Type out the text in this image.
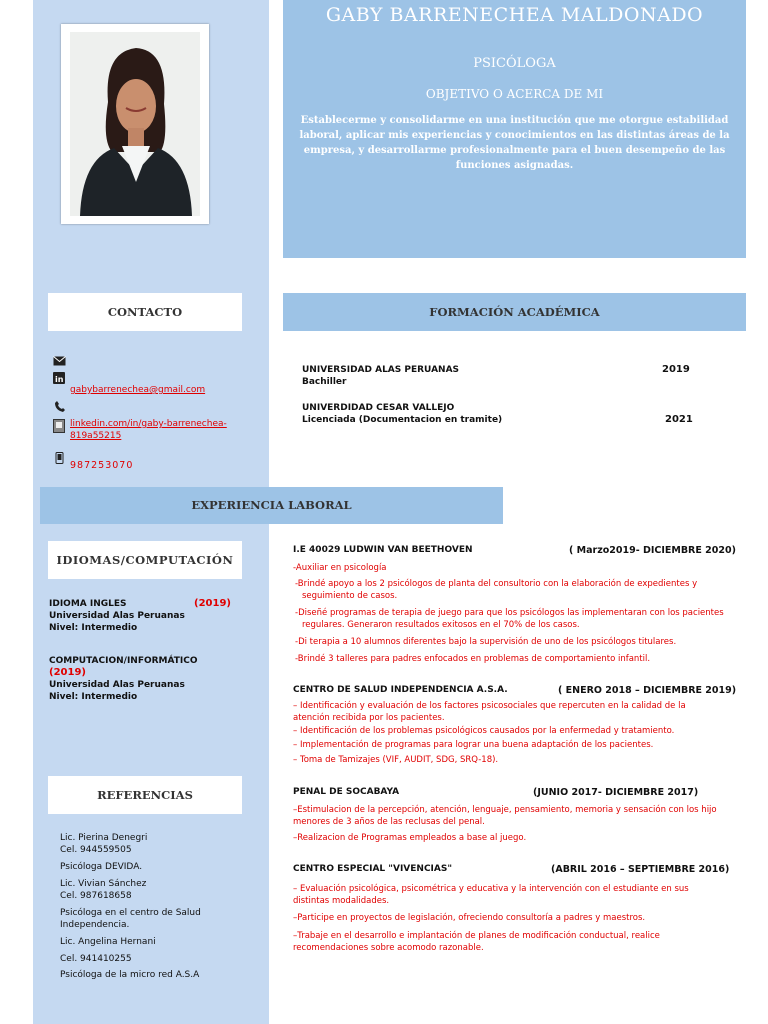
GABY BARRENECHEA MALDONADO
PSICÓLOGA
OBJETIVO O ACERCA DE MI
Establecerme y consolidarme en una institución que me otorgue estabilidad laboral, aplicar mis experiencias y conocimientos en las distintas áreas de la empresa, y desarrollarme profesionalmente para el buen desempeño de las funciones asignadas.
CONTACTO
in
gabybarrenechea@gmail.com
linkedin.com/in/gaby-barrenechea-
819a55215
987253070
FORMACIÓN ACADÉMICA
UNIVERSIDAD ALAS PERUANAS
Bachiller
2019
UNIVERDIDAD CESAR VALLEJO
Licenciada (Documentacion en tramite)	2021
EXPERIENCIA LABORAL
IDIOMAS/COMPUTACIÓN
IDIOMA INGLES	(2019)
Universidad Alas Peruanas
Nivel: Intermedio
COMPUTACION/INFORMÁTICO
(2019)
Universidad Alas Peruanas
Nivel: Intermedio
REFERENCIAS
Lic. Pierina Denegri
Cel. 944559505
Psicóloga DEVIDA.
Lic. Vivian Sánchez
Cel. 987618658
Psicóloga en el centro de Salud
Independencia.
Lic. Angelina Hernani
Cel. 941410255
Psicóloga de la micro red A.S.A
I.E 40029 LUDWIN VAN BEETHOVEN	( Marzo2019- DICIEMBRE 2020)
-Auxiliar en psicología
-Brindé apoyo a los 2 psicólogos de planta del consultorio con la elaboración de expedientes y
seguimiento de casos.
-Diseñé programas de terapia de juego para que los psicólogos las implementaran con los pacientes
regulares. Generaron resultados exitosos en el 70% de los casos.
-Di terapia a 10 alumnos diferentes bajo la supervisión de uno de los psicólogos titulares.
-Brindé 3 talleres para padres enfocados en problemas de comportamiento infantil.
CENTRO DE SALUD INDEPENDENCIA A.S.A.	( ENERO 2018 – DICIEMBRE 2019)
– Identificación y evaluación de los factores psicosociales que repercuten en la calidad de la
atención recibida por los pacientes.
– Identificación de los problemas psicológicos causados por la enfermedad y tratamiento.
– Implementación de programas para lograr una buena adaptación de los pacientes.
– Toma de Tamizajes (VIF, AUDIT, SDG, SRQ-18).
PENAL DE SOCABAYA	(JUNIO 2017- DICIEMBRE 2017)
–Estimulacion de la percepción, atención, lenguaje, pensamiento, memoria y sensación con los hijo
menores de 3 años de las reclusas del penal.
–Realizacion de Programas empleados a base al juego.
CENTRO ESPECIAL "VIVENCIAS"	(ABRIL 2016 – SEPTIEMBRE 2016)
– Evaluación psicológica, psicométrica y educativa y la intervención con el estudiante en sus
distintas modalidades.
–Participe en proyectos de legislación, ofreciendo consultoría a padres y maestros.
–Trabaje en el desarrollo e implantación de planes de modificación conductual, realice
recomendaciones sobre acomodo razonable.
